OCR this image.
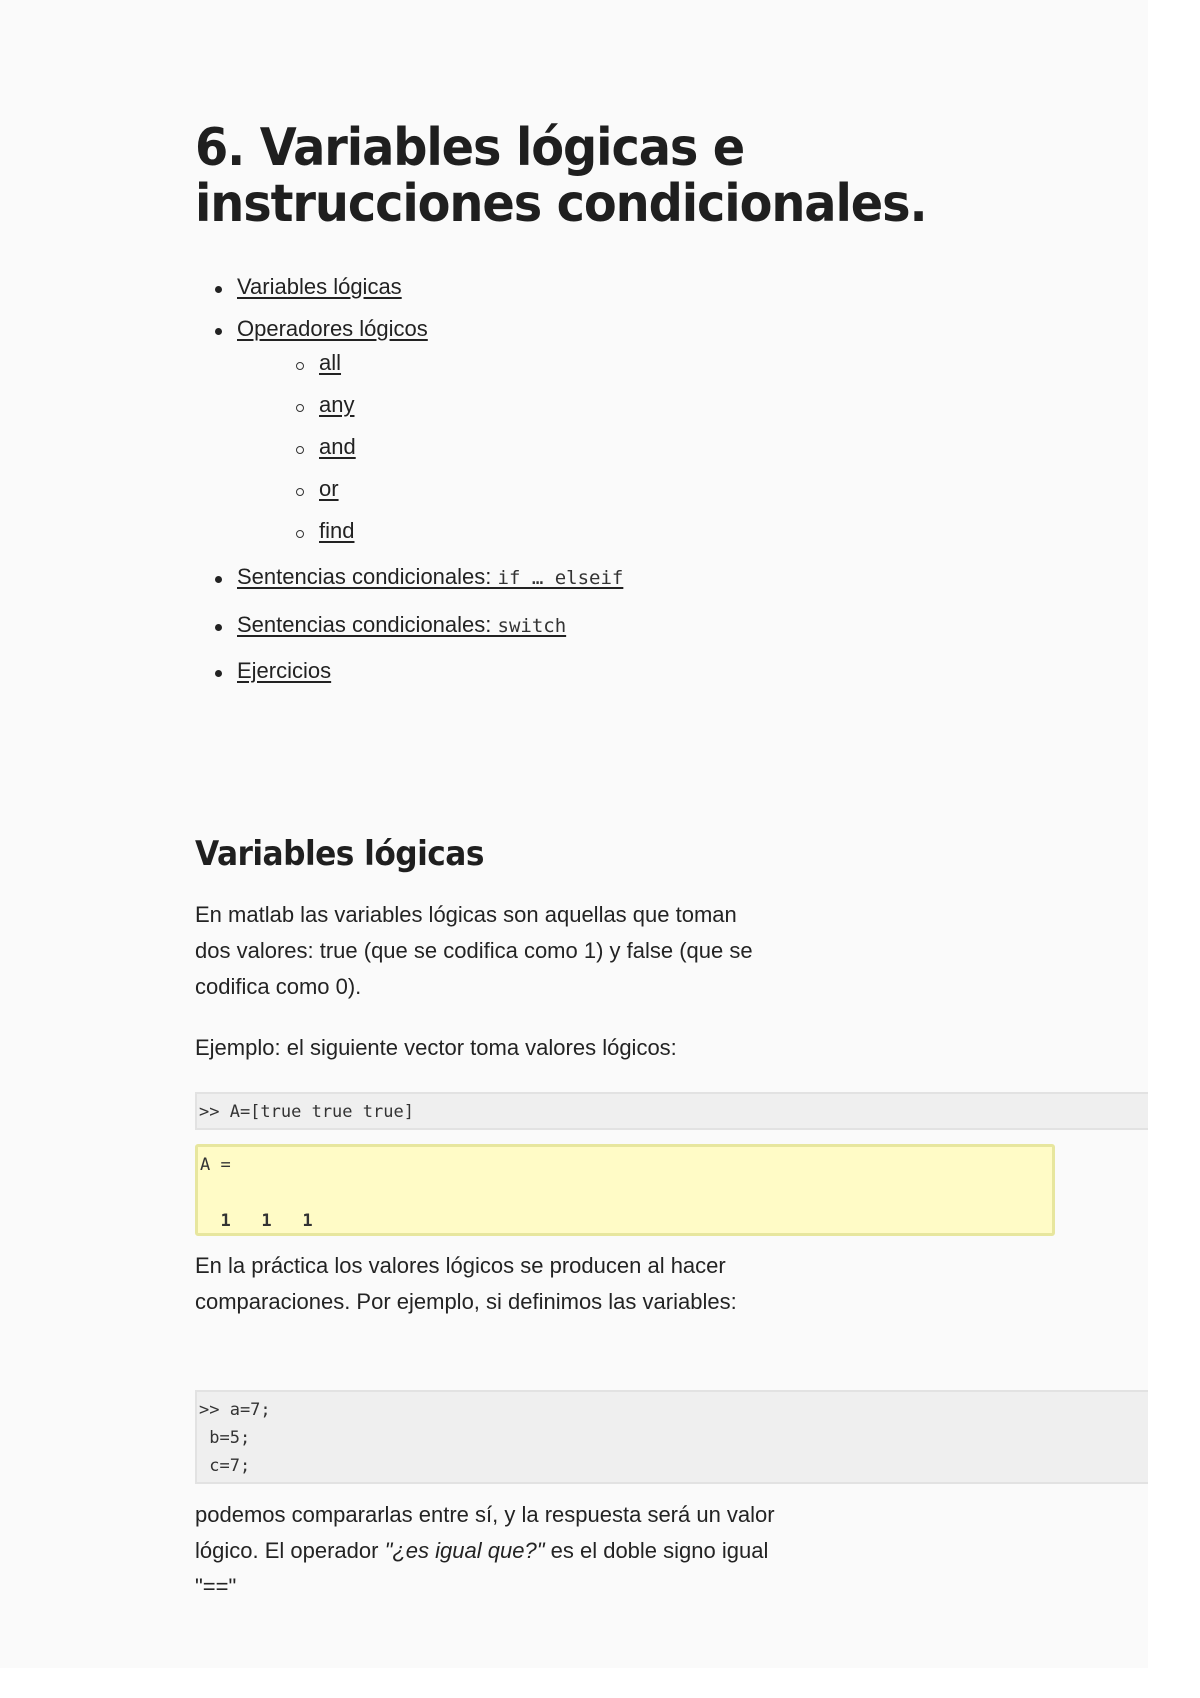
6. Variables lógicas e instrucciones condicionales.
Variables lógicas
Operadores lógicos
all
any
and
or
find
Sentencias condicionales: if … elseif
Sentencias condicionales: switch
Ejercicios
Variables lógicas

En matlab las variables lógicas son aquellas que toman dos valores: true (que se codifica como 1) y false (que se codifica como 0).

Ejemplo: el siguiente vector toma valores lógicos:

>> A=[true true true]
A =

1   1   1

En la práctica los valores lógicos se producen al hacer comparaciones. Por ejemplo, si definimos las variables:

>> a=7;
b=5;
c=7;

podemos compararlas entre sí, y la respuesta será un valor lógico. El operador "¿es igual que?" es el doble signo igual "=="
